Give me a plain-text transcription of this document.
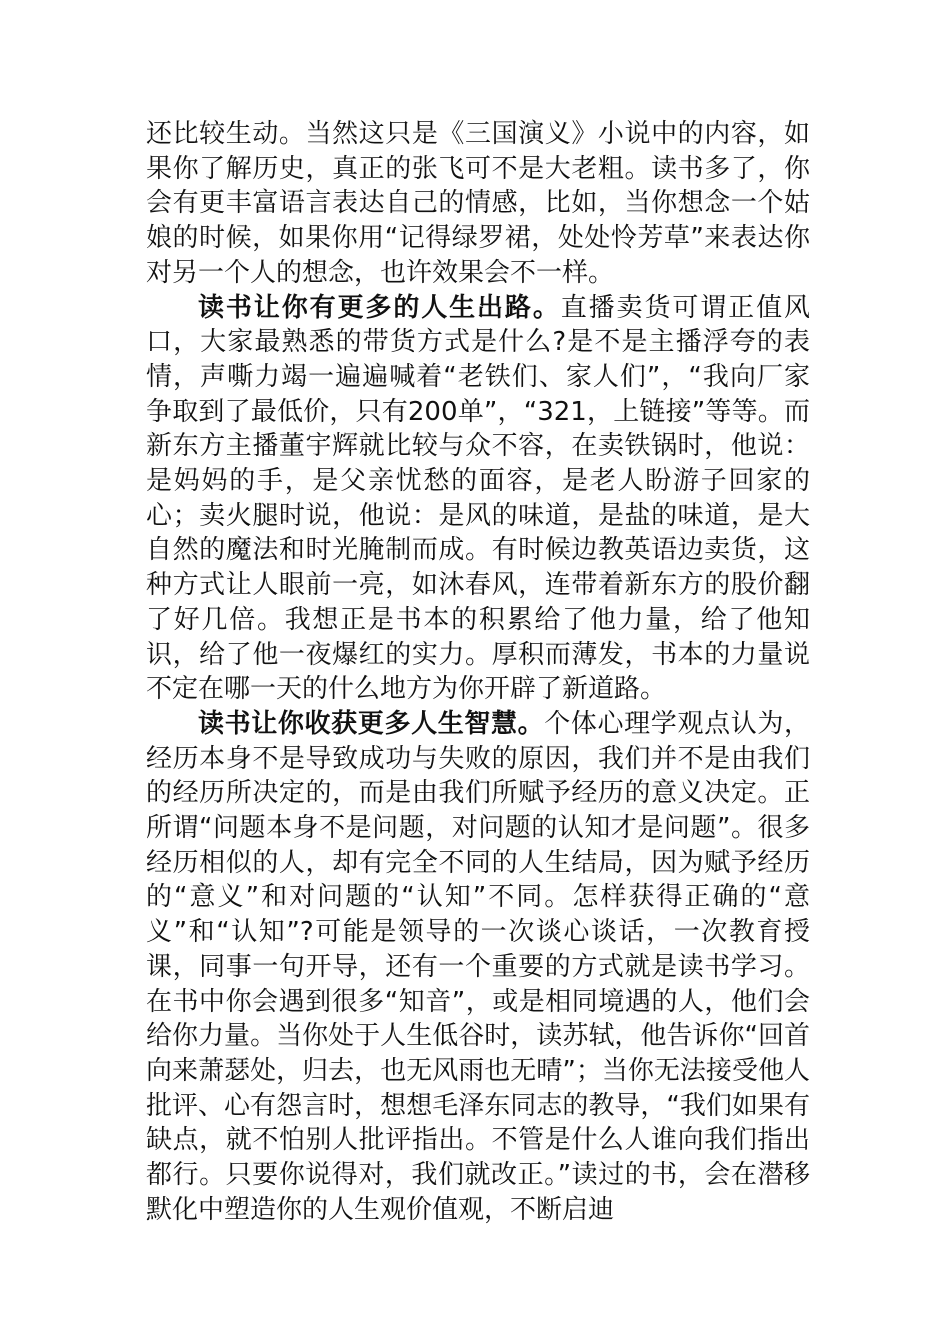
还比较生动。当然这只是《三国演义》小说中的内容，如果你了解历史，真正的张飞可不是大老粗。读书多了，你会有更丰富语言表达自己的情感，比如，当你想念一个姑娘的时候，如果你用“记得绿罗裙，处处怜芳草”来表达你对另一个人的想念，也许效果会不一样。

读书让你有更多的人生出路。直播卖货可谓正值风口，大家最熟悉的带货方式是什么?是不是主播浮夸的表情，声嘶力竭一遍遍喊着“老铁们、家人们”，“我向厂家争取到了最低价，只有200单”，“321，上链接”等等。而新东方主播董宇辉就比较与众不容，在卖铁锅时，他说：是妈妈的手，是父亲忧愁的面容，是老人盼游子回家的心；卖火腿时说，他说：是风的味道，是盐的味道，是大自然的魔法和时光腌制而成。有时候边教英语边卖货，这种方式让人眼前一亮，如沐春风，连带着新东方的股价翻了好几倍。我想正是书本的积累给了他力量，给了他知识，给了他一夜爆红的实力。厚积而薄发，书本的力量说不定在哪一天的什么地方为你开辟了新道路。

读书让你收获更多人生智慧。个体心理学观点认为，经历本身不是导致成功与失败的原因，我们并不是由我们的经历所决定的，而是由我们所赋予经历的意义决定。正所谓“问题本身不是问题，对问题的认知才是问题”。很多经历相似的人，却有完全不同的人生结局，因为赋予经历的“意义”和对问题的“认知”不同。怎样获得正确的“意义”和“认知”?可能是领导的一次谈心谈话，一次教育授课，同事一句开导，还有一个重要的方式就是读书学习。在书中你会遇到很多“知音”，或是相同境遇的人，他们会给你力量。当你处于人生低谷时，读苏轼，他告诉你“回首向来萧瑟处，归去，也无风雨也无晴”；当你无法接受他人批评、心有怨言时，想想毛泽东同志的教导，“我们如果有缺点，就不怕别人批评指出。不管是什么人谁向我们指出都行。只要你说得对，我们就改正。”读过的书，会在潜移默化中塑造你的人生观价值观，不断启迪
